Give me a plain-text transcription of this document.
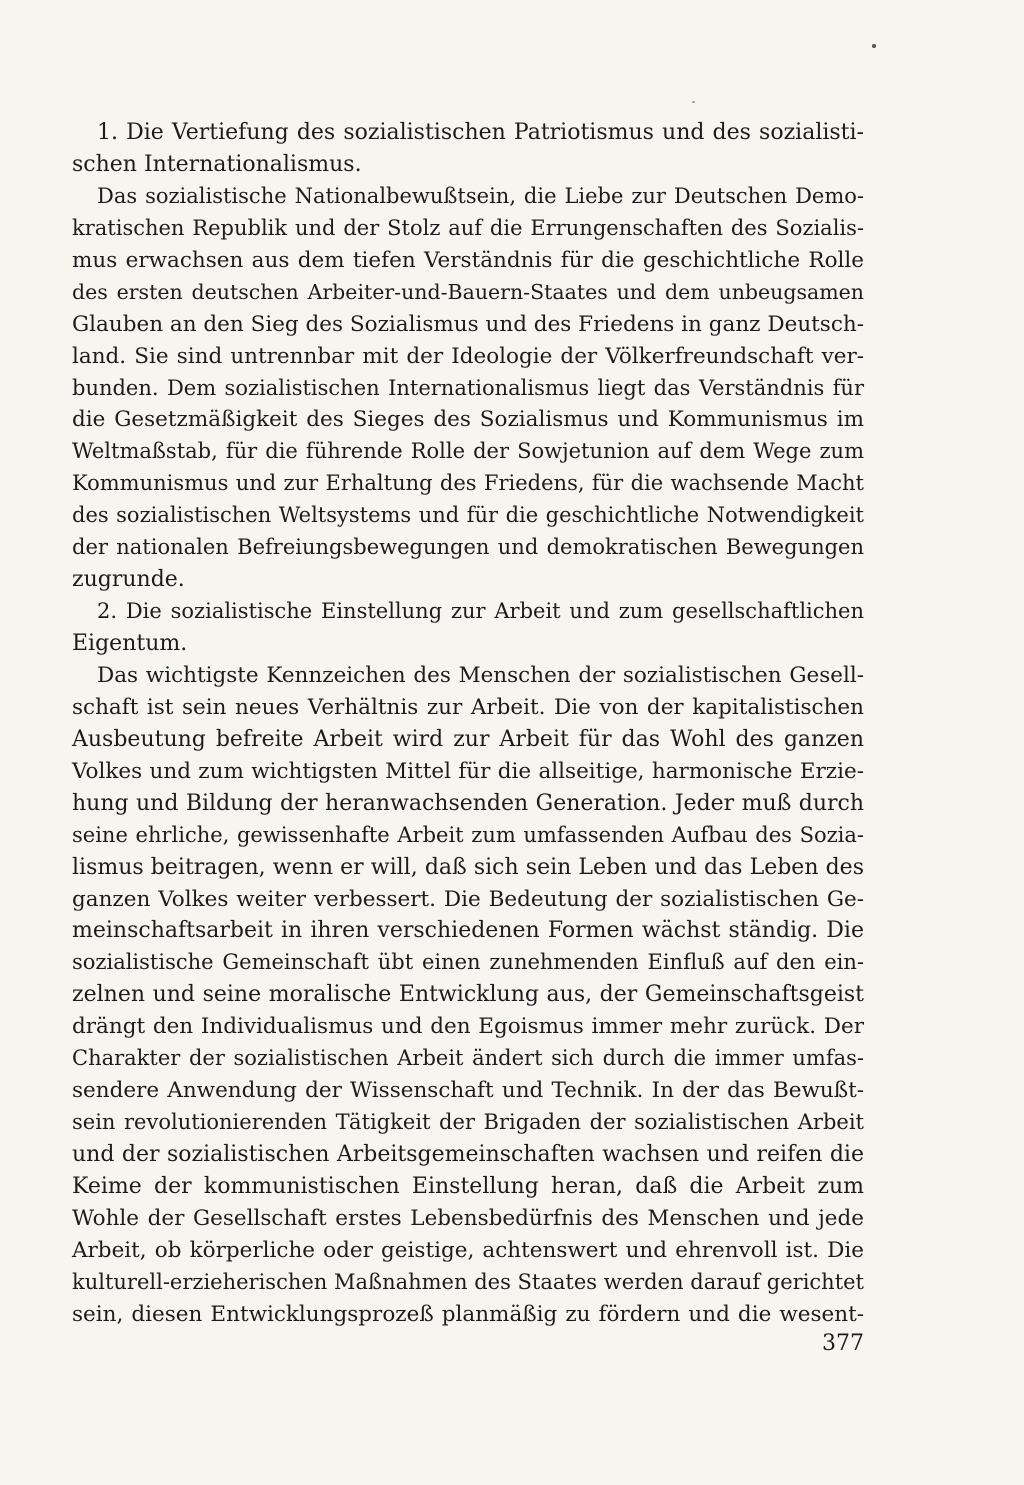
1. Die Vertiefung des sozialistischen Patriotismus und des sozialisti-
schen Internationalismus.
Das sozialistische Nationalbewußtsein, die Liebe zur Deutschen Demo-
kratischen Republik und der Stolz auf die Errungenschaften des Sozialis-
mus erwachsen aus dem tiefen Verständnis für die geschichtliche Rolle
des ersten deutschen Arbeiter-und-Bauern-Staates und dem unbeugsamen
Glauben an den Sieg des Sozialismus und des Friedens in ganz Deutsch-
land. Sie sind untrennbar mit der Ideologie der Völkerfreundschaft ver-
bunden. Dem sozialistischen Internationalismus liegt das Verständnis für
die Gesetzmäßigkeit des Sieges des Sozialismus und Kommunismus im
Weltmaßstab, für die führende Rolle der Sowjetunion auf dem Wege zum
Kommunismus und zur Erhaltung des Friedens, für die wachsende Macht
des sozialistischen Weltsystems und für die geschichtliche Notwendigkeit
der nationalen Befreiungsbewegungen und demokratischen Bewegungen
zugrunde.
2. Die sozialistische Einstellung zur Arbeit und zum gesellschaftlichen
Eigentum.
Das wichtigste Kennzeichen des Menschen der sozialistischen Gesell-
schaft ist sein neues Verhältnis zur Arbeit. Die von der kapitalistischen
Ausbeutung befreite Arbeit wird zur Arbeit für das Wohl des ganzen
Volkes und zum wichtigsten Mittel für die allseitige, harmonische Erzie-
hung und Bildung der heranwachsenden Generation. Jeder muß durch
seine ehrliche, gewissenhafte Arbeit zum umfassenden Aufbau des Sozia-
lismus beitragen, wenn er will, daß sich sein Leben und das Leben des
ganzen Volkes weiter verbessert. Die Bedeutung der sozialistischen Ge-
meinschaftsarbeit in ihren verschiedenen Formen wächst ständig. Die
sozialistische Gemeinschaft übt einen zunehmenden Einfluß auf den ein-
zelnen und seine moralische Entwicklung aus, der Gemeinschaftsgeist
drängt den Individualismus und den Egoismus immer mehr zurück. Der
Charakter der sozialistischen Arbeit ändert sich durch die immer umfas-
sendere Anwendung der Wissenschaft und Technik. In der das Bewußt-
sein revolutionierenden Tätigkeit der Brigaden der sozialistischen Arbeit
und der sozialistischen Arbeitsgemeinschaften wachsen und reifen die
Keime der kommunistischen Einstellung heran, daß die Arbeit zum
Wohle der Gesellschaft erstes Lebensbedürfnis des Menschen und jede
Arbeit, ob körperliche oder geistige, achtenswert und ehrenvoll ist. Die
kulturell-erzieherischen Maßnahmen des Staates werden darauf gerichtet
sein, diesen Entwicklungsprozeß planmäßig zu fördern und die wesent-
377
